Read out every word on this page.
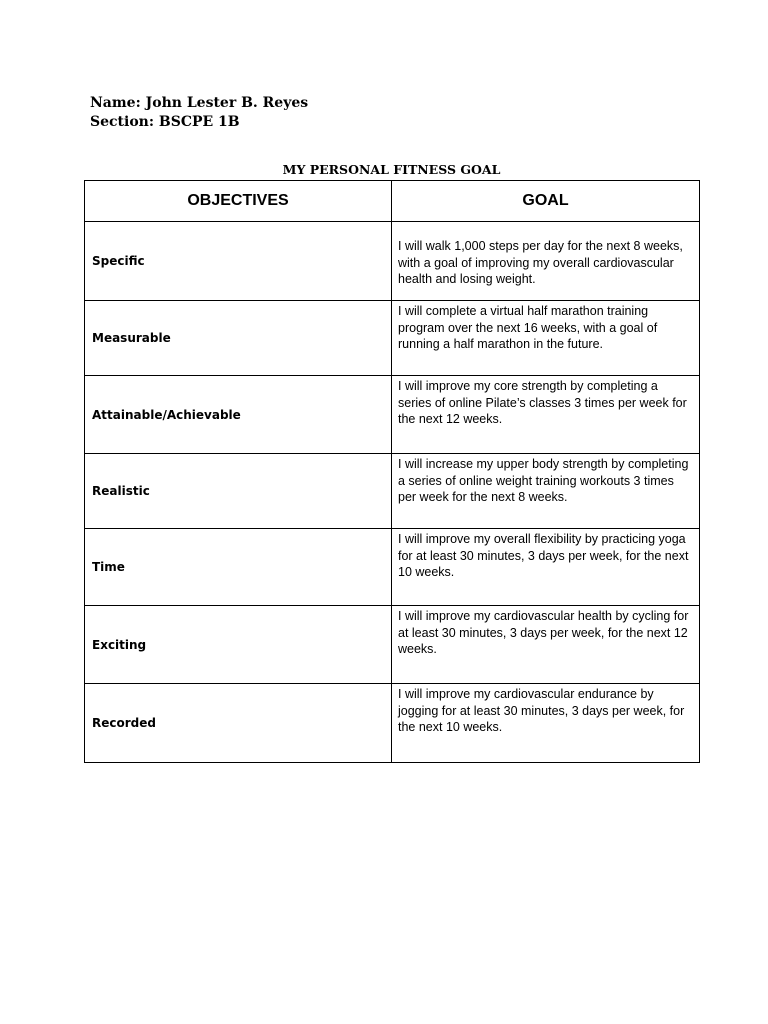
Name: John Lester B. Reyes
Section: BSCPE 1B
MY PERSONAL FITNESS GOAL
OBJECTIVES	GOAL
Specific	I will walk 1,000 steps per day for the next 8 weeks, with a goal of improving my overall cardiovascular health and losing weight.
Measurable	I will complete a virtual half marathon training program over the next 16 weeks, with a goal of running a half marathon in the future.
Attainable/Achievable	I will improve my core strength by completing a series of online Pilate’s classes 3 times per week for the next 12 weeks.
Realistic	I will increase my upper body strength by completing a series of online weight training workouts 3 times per week for the next 8 weeks.
Time	I will improve my overall flexibility by practicing yoga for at least 30 minutes, 3 days per week, for the next 10 weeks.
Exciting	I will improve my cardiovascular health by cycling for at least 30 minutes, 3 days per week, for the next 12 weeks.
Recorded	I will improve my cardiovascular endurance by jogging for at least 30 minutes, 3 days per week, for the next 10 weeks.
